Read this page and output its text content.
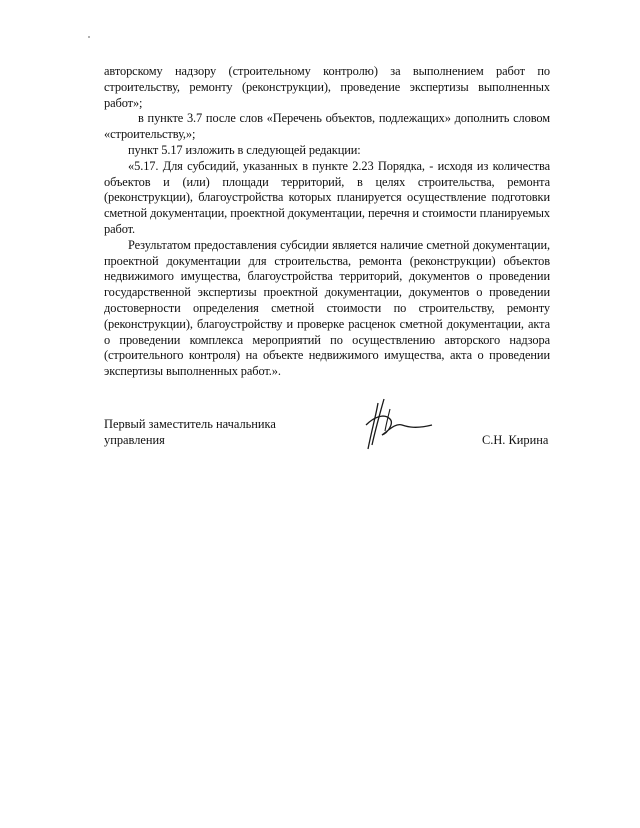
авторскому надзору (строительному контролю) за выполнением работ по строительству, ремонту (реконструкции), проведение экспертизы выполненных работ»;

в пункте 3.7 после слов «Перечень объектов, подлежащих» дополнить словом «строительству,»;

пункт 5.17 изложить в следующей редакции:

«5.17. Для субсидий, указанных в пункте 2.23 Порядка, - исходя из количества объектов и (или) площади территорий, в целях строительства, ремонта (реконструкции), благоустройства которых планируется осуществление подготовки сметной документации, проектной документации, перечня и стоимости планируемых работ.

Результатом предоставления субсидии является наличие сметной документации, проектной документации для строительства, ремонта (реконструкции) объектов недвижимого имущества, благоустройства территорий, документов о проведении государственной экспертизы проектной документации, документов о проведении достоверности определения сметной стоимости по строительству, ремонту (реконструкции), благоустройству и проверке расценок сметной документации, акта о проведении комплекса мероприятий по осуществлению авторского надзора (строительного контроля) на объекте недвижимого имущества, акта о проведении экспертизы выполненных работ.».

Первый заместитель начальника
управления	С.Н. Кирина
